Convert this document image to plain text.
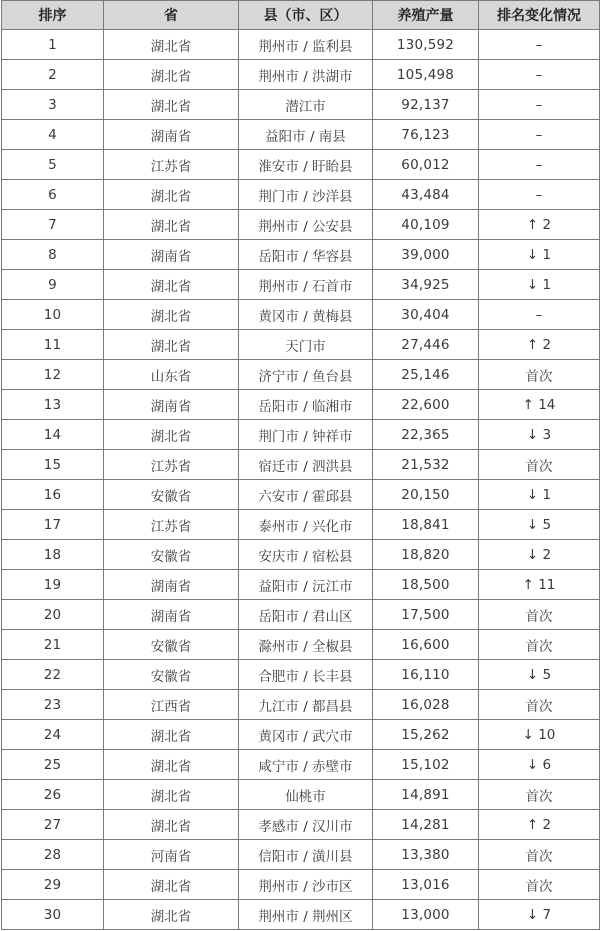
排序	省	县（市、区）	养殖产量	排名变化情况
1	湖北省	荆州市 / 监利县	130,592	–
2	湖北省	荆州市 / 洪湖市	105,498	–
3	湖北省	潜江市	92,137	–
4	湖南省	益阳市 / 南县	76,123	–
5	江苏省	淮安市 / 盱眙县	60,012	–
6	湖北省	荆门市 / 沙洋县	43,484	–
7	湖北省	荆州市 / 公安县	40,109	↑ 2
8	湖南省	岳阳市 / 华容县	39,000	↓ 1
9	湖北省	荆州市 / 石首市	34,925	↓ 1
10	湖北省	黄冈市 / 黄梅县	30,404	–
11	湖北省	天门市	27,446	↑ 2
12	山东省	济宁市 / 鱼台县	25,146	首次
13	湖南省	岳阳市 / 临湘市	22,600	↑ 14
14	湖北省	荆门市 / 钟祥市	22,365	↓ 3
15	江苏省	宿迁市 / 泗洪县	21,532	首次
16	安徽省	六安市 / 霍邱县	20,150	↓ 1
17	江苏省	泰州市 / 兴化市	18,841	↓ 5
18	安徽省	安庆市 / 宿松县	18,820	↓ 2
19	湖南省	益阳市 / 沅江市	18,500	↑ 11
20	湖南省	岳阳市 / 君山区	17,500	首次
21	安徽省	滁州市 / 全椒县	16,600	首次
22	安徽省	合肥市 / 长丰县	16,110	↓ 5
23	江西省	九江市 / 都昌县	16,028	首次
24	湖北省	黄冈市 / 武穴市	15,262	↓ 10
25	湖北省	咸宁市 / 赤壁市	15,102	↓ 6
26	湖北省	仙桃市	14,891	首次
27	湖北省	孝感市 / 汉川市	14,281	↑ 2
28	河南省	信阳市 / 潢川县	13,380	首次
29	湖北省	荆州市 / 沙市区	13,016	首次
30	湖北省	荆州市 / 荆州区	13,000	↓ 7
